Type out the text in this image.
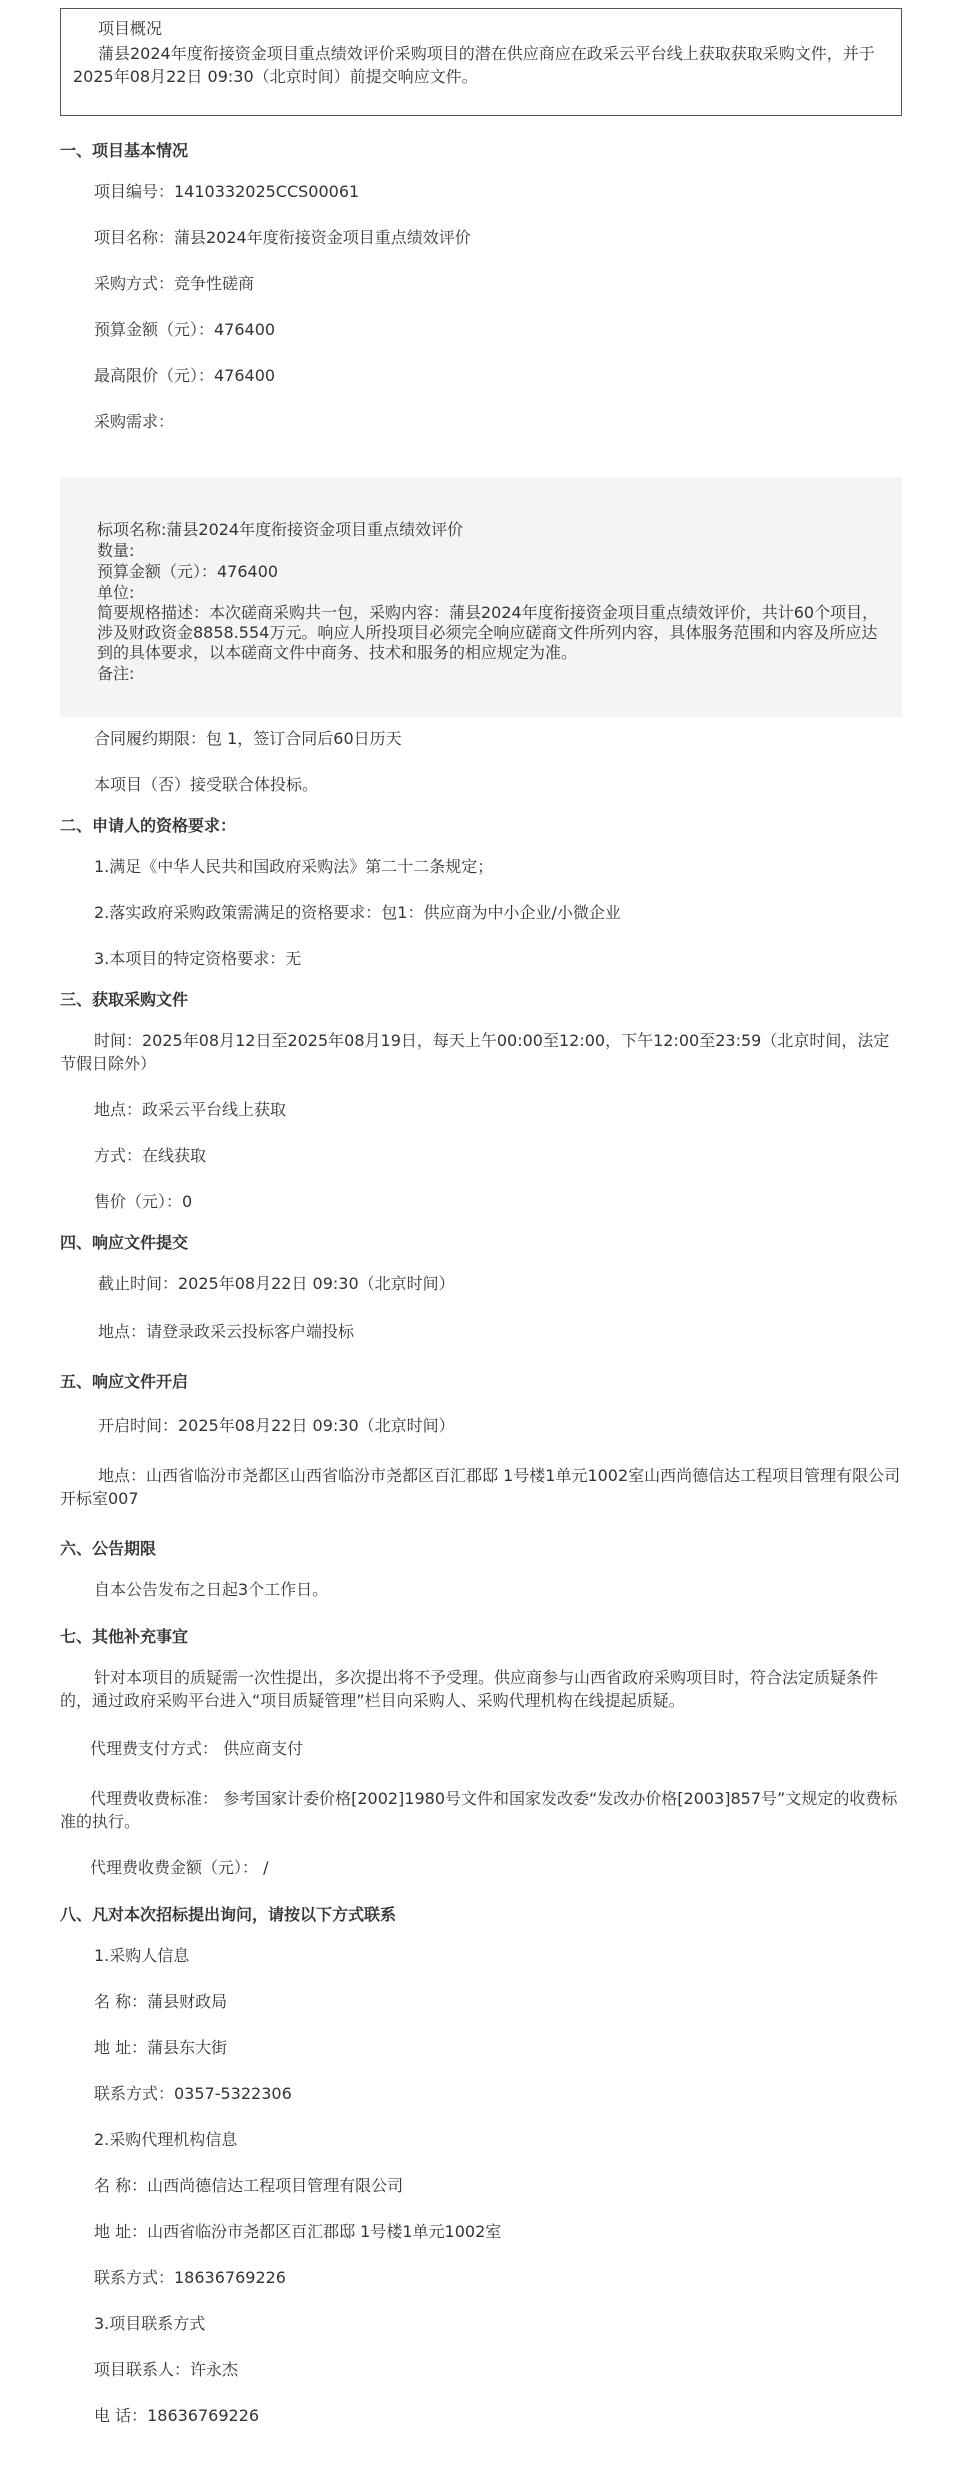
项目概况

蒲县2024年度衔接资金项目重点绩效评价采购项目的潜在供应商应在政采云平台线上获取获取采购文件，并于2025年08月22日 09:30（北京时间）前提交响应文件。

一、项目基本情况
项目编号：1410332025CCS00061
项目名称：蒲县2024年度衔接资金项目重点绩效评价
采购方式：竞争性磋商
预算金额（元）：476400
最高限价（元）：476400
采购需求：
标项名称:蒲县2024年度衔接资金项目重点绩效评价
数量:
预算金额（元）：476400
单位:
简要规格描述：本次磋商采购共一包，采购内容：蒲县2024年度衔接资金项目重点绩效评价，共计60个项目，涉及财政资金8858.554万元。响应人所投项目必须完全响应磋商文件所列内容，具体服务范围和内容及所应达到的具体要求，以本磋商文件中商务、技术和服务的相应规定为准。
备注:
合同履约期限：包 1，签订合同后60日历天
本项目（否）接受联合体投标。
二、申请人的资格要求：
1.满足《中华人民共和国政府采购法》第二十二条规定；
2.落实政府采购政策需满足的资格要求：包1：供应商为中小企业/小微企业
3.本项目的特定资格要求：无
三、获取采购文件
时间：2025年08月12日至2025年08月19日，每天上午00:00至12:00，下午12:00至23:59（北京时间，法定节假日除外）
地点：政采云平台线上获取
方式：在线获取
售价（元）：0
四、响应文件提交
截止时间：2025年08月22日 09:30（北京时间）
地点：请登录政采云投标客户端投标
五、响应文件开启
开启时间：2025年08月22日 09:30（北京时间）
地点：山西省临汾市尧都区山西省临汾市尧都区百汇郡邸 1号楼1单元1002室山西尚德信达工程项目管理有限公司开标室007
六、公告期限
自本公告发布之日起3个工作日。
七、其他补充事宜
针对本项目的质疑需一次性提出，多次提出将不予受理。供应商参与山西省政府采购项目时，符合法定质疑条件的，通过政府采购平台进入“项目质疑管理”栏目向采购人、采购代理机构在线提起质疑。
代理费支付方式： 供应商支付
代理费收费标准： 参考国家计委价格[2002]1980号文件和国家发改委“发改办价格[2003]857号”文规定的收费标准的执行。
代理费收费金额（元）： /
八、凡对本次招标提出询问，请按以下方式联系
1.采购人信息
名 称：蒲县财政局
地 址：蒲县东大街
联系方式：0357-5322306
2.采购代理机构信息
名 称：山西尚德信达工程项目管理有限公司
地 址：山西省临汾市尧都区百汇郡邸 1号楼1单元1002室
联系方式：18636769226
3.项目联系方式
项目联系人：许永杰
电 话：18636769226
